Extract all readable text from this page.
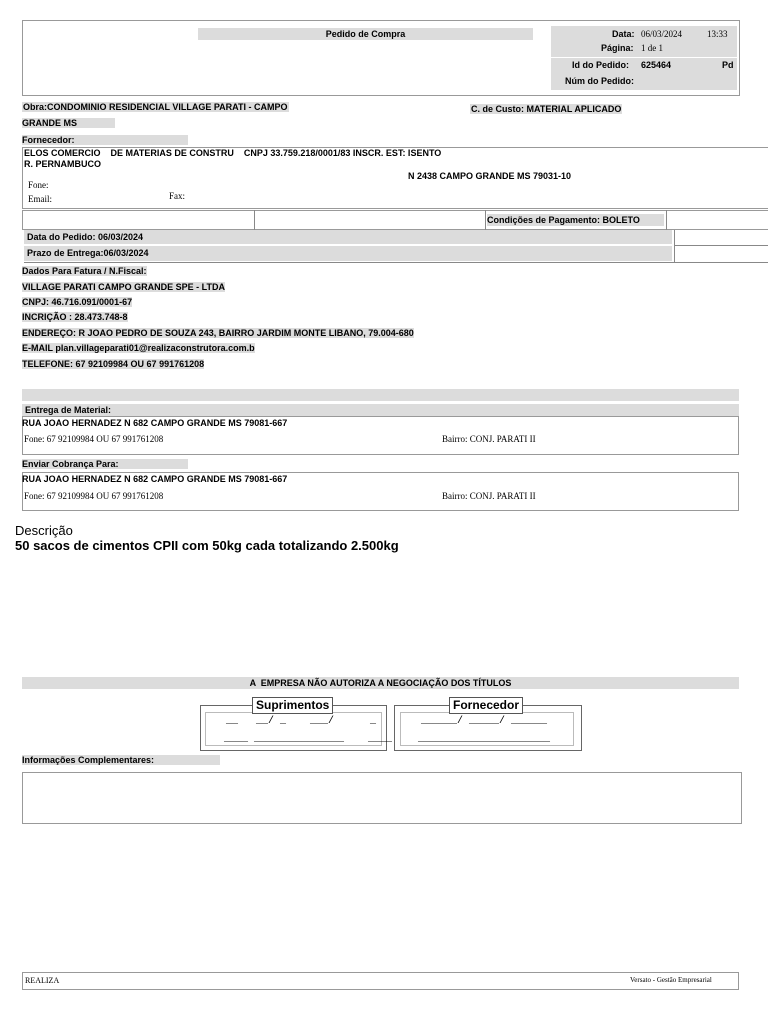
Pedido de Compra	Data: 06/03/2024	13:33
Página: 1 de 1
Id do Pedido: 625464	Pd
Núm do Pedido:
Obra:CONDOMINIO RESIDENCIAL VILLAGE PARATI - CAMPO
GRANDE MS
C. de Custo: MATERIAL APLICADO
Fornecedor:
ELOS COMERCIO    DE MATERIAS DE CONSTRU    CNPJ 33.759.218/0001/83 INSCR. EST: ISENTO
R. PERNAMBUCO
N 2438 CAMPO GRANDE MS 79031-10
Fone:
Email:	Fax:
Condições de Pagamento: BOLETO
Data do Pedido: 06/03/2024
Prazo de Entrega:06/03/2024
Dados Para Fatura / N.Fiscal:
VILLAGE PARATI CAMPO GRANDE SPE - LTDA
CNPJ: 46.716.091/0001-67
INCRIÇÃO : 28.473.748-8
ENDEREÇO: R JOAO PEDRO DE SOUZA 243, BAIRRO JARDIM MONTE LIBANO, 79.004-680
E-MAIL plan.villageparati01@realizaconstrutora.com.b
TELEFONE: 67 92109984 OU 67 991761208
Entrega de Material:
RUA JOAO HERNADEZ N 682 CAMPO GRANDE MS 79081-667
Fone: 67 92109984 OU 67 991761208	Bairro: CONJ. PARATI II
Enviar Cobrança Para:
RUA JOAO HERNADEZ N 682 CAMPO GRANDE MS 79081-667
Fone: 67 92109984 OU 67 991761208	Bairro: CONJ. PARATI II
Descrição
50 sacos de cimentos CPII com 50kg cada totalizando 2.500kg
A  EMPRESA NÃO AUTORIZA A NEGOCIAÇÃO DOS TÍTULOS
Suprimentos
__   __/ _    ___/      _
____ _______________    ____
Fornecedor
______/ _____/ ______
______________________
Informações Complementares:
REALIZA	Versato - Gestão Empresarial
